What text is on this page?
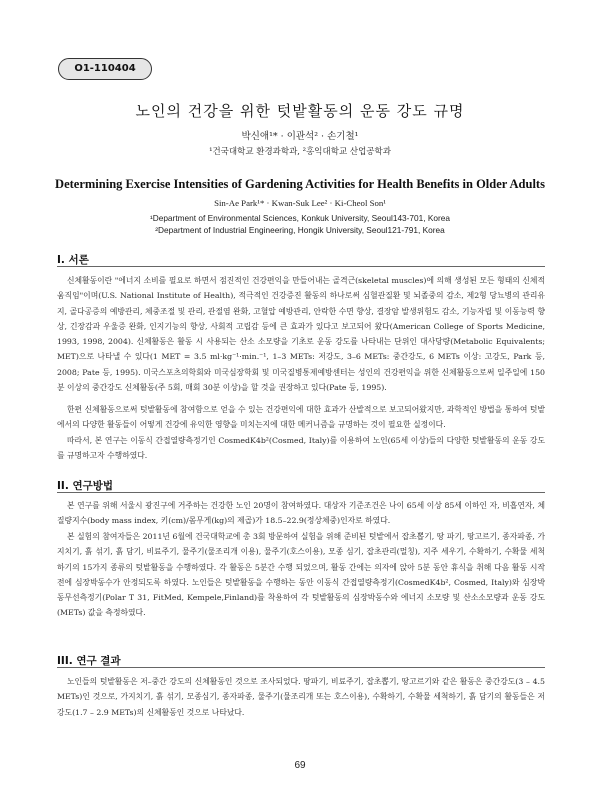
O1-110404
노인의 건강을 위한 텃밭활동의 운동 강도 규명
박신애¹* · 이관석² · 손기철¹
¹건국대학교 환경과학과, ²홍익대학교 산업공학과
Determining Exercise Intensities of Gardening Activities for Health Benefits in Older Adults
Sin-Ae Park¹* · Kwan-Suk Lee² · Ki-Cheol Son¹
¹Department of Environmental Sciences, Konkuk University, Seoul143-701, Korea
²Department of Industrial Engineering, Hongik University, Seoul121-791, Korea
I. 서론

신체활동이란 "에너지 소비를 필요로 하면서 점진적인 건강편익을 만들어내는 골격근(skeletal muscles)에 의해 생성된 모든 형태의 신체적 움직임"이며(U.S. National Institute of Health), 적극적인 건강증진 활동의 하나로써 심혈관질환 및 뇌졸중의 감소, 제2형 당뇨병의 관리유지, 골다공증의 예방관리, 체중조절 및 관리, 관절염 완화, 고혈압 예방관리, 안락한 수면 향상, 결장암 발생위험도 감소, 기능자립 및 이동능력 향상, 긴장감과 우울증 완화, 인지기능의 향상, 사회적 고립감 등에 큰 효과가 있다고 보고되어 왔다(American College of Sports Medicine, 1993, 1998, 2004). 신체활동은 활동 시 사용되는 산소 소모량을 기초로 운동 강도를 나타내는 단위인 대사당량(Metabolic Equivalents; MET)으로 나타낼 수 있다(1 MET = 3.5 ml·kg⁻¹·min.⁻¹, 1–3 METs: 저강도, 3–6 METs: 중간강도, 6 METs 이상: 고강도, Park 등, 2008; Pate 등, 1995). 미국스포츠의학회와 미국심장학회 및 미국질병통제예방센터는 성인의 건강편익을 위한 신체활동으로써 일주일에 150분 이상의 중간강도 신체활동(주 5회, 매회 30분 이상)을 할 것을 권장하고 있다(Pate 등, 1995).

한편 신체활동으로써 텃밭활동에 참여함으로 얻을 수 있는 건강편익에 대한 효과가 산발적으로 보고되어왔지만, 과학적인 방법을 통하여 텃밭에서의 다양한 활동들이 어떻게 건강에 유익한 영향을 미치는지에 대한 메커니즘을 규명하는 것이 필요한 실정이다.

따라서, 본 연구는 이동식 간접열량측정기인 CosmedK4b²(Cosmed, Italy)를 이용하여 노인(65세 이상)들의 다양한 텃밭활동의 운동 강도를 규명하고자 수행하였다.

II. 연구방법

본 연구를 위해 서울시 광진구에 거주하는 건강한 노인 20명이 참여하였다. 대상자 기준조건은 나이 65세 이상 85세 이하인 자, 비흡연자, 체질량지수(body mass index, 키(cm)/몸무게(kg)의 제곱)가 18.5–22.9(정상체중)인자로 하였다.

본 실험의 참여자들은 2011년 6월에 건국대학교에 총 3회 방문하여 실험을 위해 준비된 텃밭에서 잡초뽑기, 땅 파기, 땅고르기, 종자파종, 가지치기, 흙 섞기, 흙 담기, 비료주기, 물주기(물조리개 이용), 물주기(호스이용), 모종 심기, 잡초관리(멀칭), 지주 세우기, 수확하기, 수확물 세척하기의 15가지 종류의 텃밭활동을 수행하였다. 각 활동은 5분간 수행 되었으며, 활동 간에는 의자에 앉아 5분 동안 휴식을 취해 다음 활동 시작 전에 심장박동수가 안정되도록 하였다. 노인들은 텃밭활동을 수행하는 동안 이동식 간접열량측정기(CosmedK4b², Cosmed, Italy)와 심장박동무선측정기(Polar T 31, FitMed, Kempele,Finland)를 착용하여 각 텃밭활동의 심장박동수와 에너지 소모량 및 산소소모량과 운동 강도(METs) 값을 측정하였다.

III. 연구 결과

노인들의 텃밭활동은 저–중간 강도의 신체활동인 것으로 조사되었다. 땅파기, 비료주기, 잡초뽑기, 땅고르기와 같은 활동은 중간강도(3 – 4.5 METs)인 것으로, 가지치기, 흙 섞기, 모종심기, 종자파종, 물주기(물조리개 또는 호스이용), 수확하기, 수확물 세척하기, 흙 담기의 활동들은 저강도(1.7 – 2.9 METs)의 신체활동인 것으로 나타났다.

69
